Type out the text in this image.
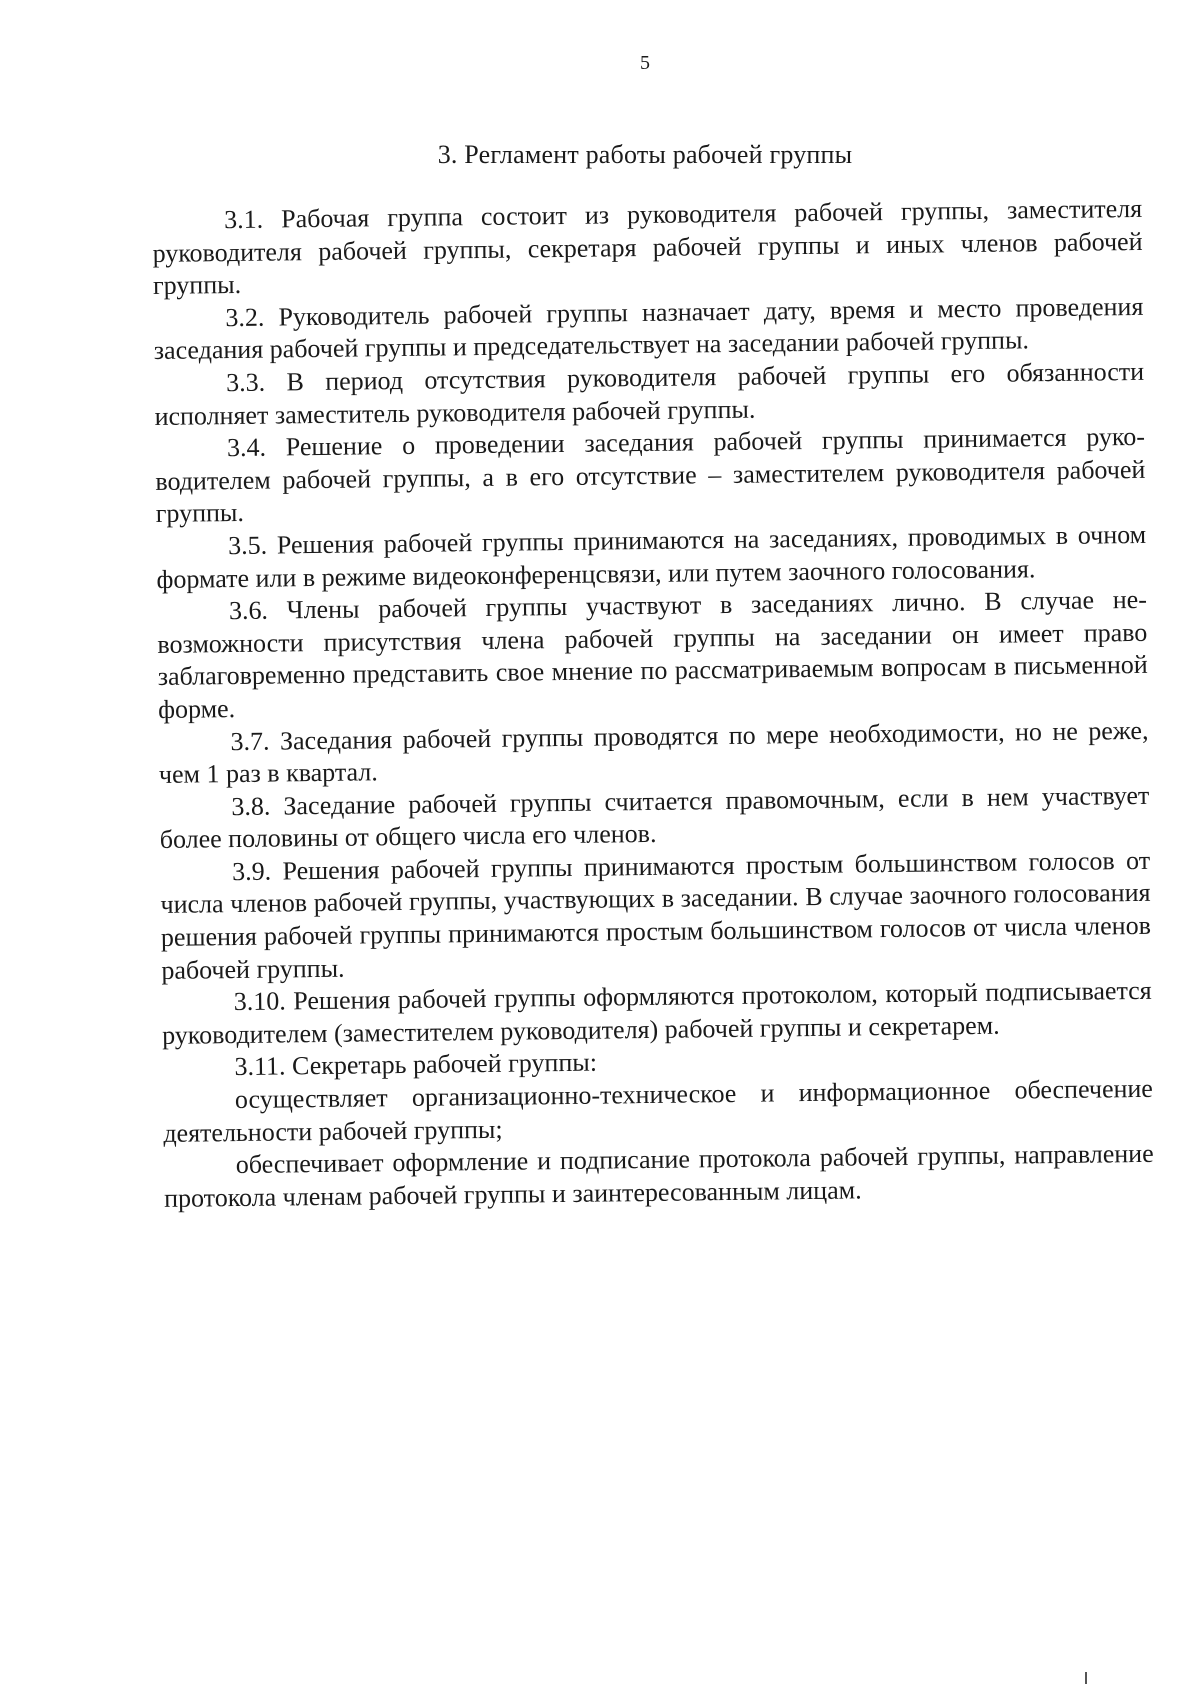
5
3. Регламент работы рабочей группы

3.1. Рабочая группа состоит из руководителя рабочей группы, заместителя руководителя рабочей группы, секретаря рабочей группы и иных членов рабочей группы.

3.2. Руководитель рабочей группы назначает дату, время и место проведения заседания рабочей группы и председательствует на заседании рабочей группы.

3.3. В период отсутствия руководителя рабочей группы его обязанности исполняет заместитель руководителя рабочей группы.

3.4. Решение о проведении заседания рабочей группы принимается руководителем рабочей группы, а в его отсутствие – заместителем руководителя рабочей группы.

3.5. Решения рабочей группы принимаются на заседаниях, проводимых в очном формате или в режиме видеоконференцсвязи, или путем заочного голосования.

3.6. Члены рабочей группы участвуют в заседаниях лично. В случае невозможности присутствия члена рабочей группы на заседании он имеет право заблаговременно представить свое мнение по рассматриваемым вопросам в письменной форме.

3.7. Заседания рабочей группы проводятся по мере необходимости, но не реже, чем 1 раз в квартал.

3.8. Заседание рабочей группы считается правомочным, если в нем участвует более половины от общего числа его членов.

3.9. Решения рабочей группы принимаются простым большинством голосов от числа членов рабочей группы, участвующих в заседании. В случае заочного голосования решения рабочей группы принимаются простым большинством голосов от числа членов рабочей группы.

3.10. Решения рабочей группы оформляются протоколом, который подписывается руководителем (заместителем руководителя) рабочей группы и секретарем.

3.11. Секретарь рабочей группы:

осуществляет организационно-техническое и информационное обеспечение деятельности рабочей группы;

обеспечивает оформление и подписание протокола рабочей группы, направление протокола членам рабочей группы и заинтересованным лицам.
